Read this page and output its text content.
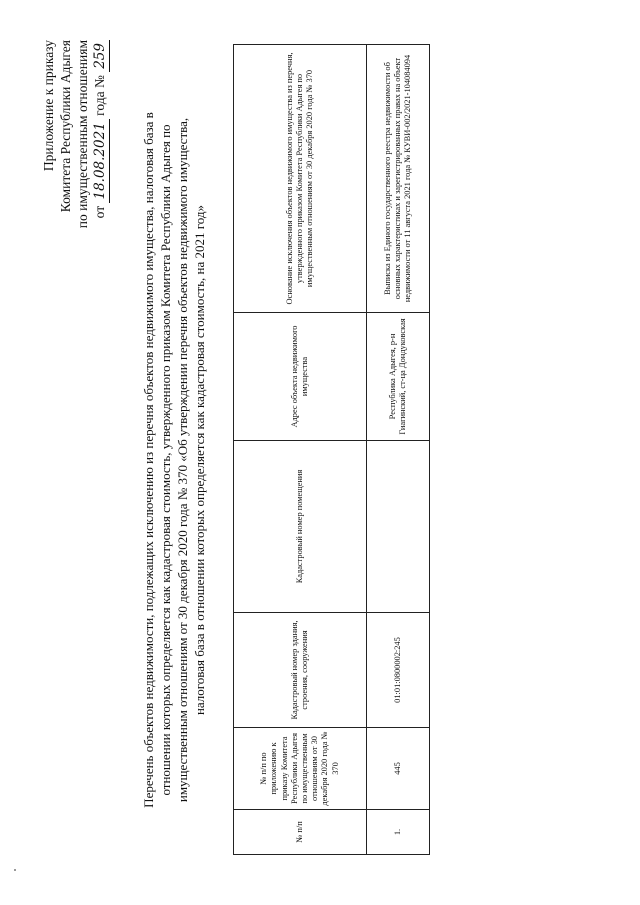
Приложение к приказу Комитета Республики Адыгея по имущественным отношениям от 18.08.2021 года № 259
Перечень объектов недвижимости, подлежащих исключению из перечня объектов недвижимого имущества, налоговая база в отношении которых определяется как кадастровая стоимость, утвержденного приказом Комитета Республики Адыгея по имущественным отношениям от 30 декабря 2020 года № 370 «Об утверждении перечня объектов недвижимого имущества, налоговая база в отношении которых определяется как кадастровая стоимость, на 2021 год»
№ п/п	№ п/п по приложению к приказу Комитета Республики Адыгея по имущественным отношениям от 30 декабря 2020 года № 370	Кадастровый номер здания, строения, сооружения	Кадастровый номер помещения	Адрес объекта недвижимого имущества	Основание исключения объектов недвижимого имущества из перечня, утвержденного приказом Комитета Республики Адыгея по имущественным отношениям от 30 декабря 2020 года № 370
1.	445	01:01:0800002:245		Республика Адыгея, р-н Гиагинский, ст-ца Дондуковская	Выписка из Единого государственного реестра недвижимости об основных характеристиках и зарегистрированных правах на объект недвижимости от 11 августа 2021 года № КУВИ-002/2021-104084094
